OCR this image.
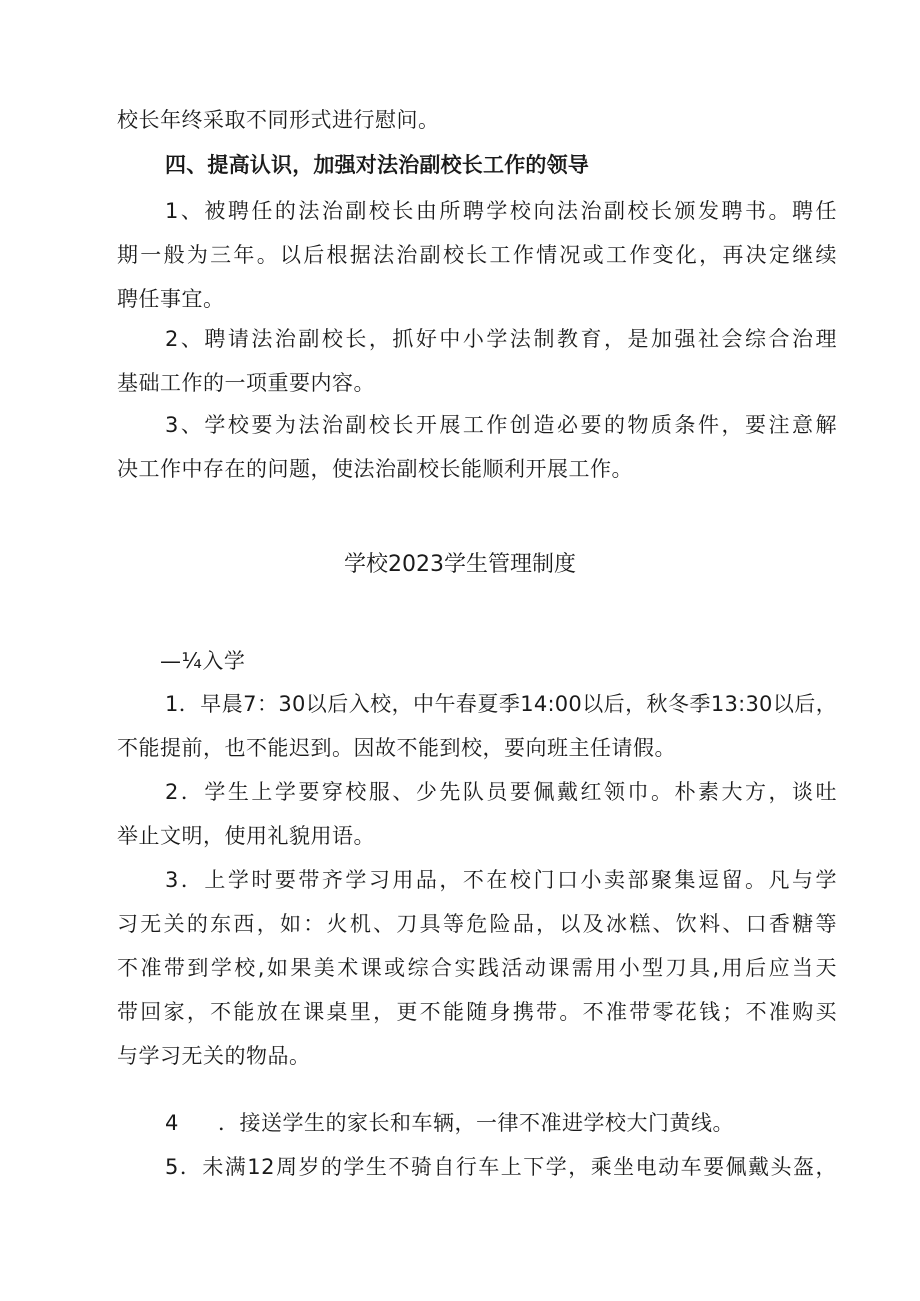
校长年终采取不同形式进行慰问。
四、提高认识，加强对法治副校长工作的领导
1、被聘任的法治副校长由所聘学校向法治副校长颁发聘书。聘任
期一般为三年。以后根据法治副校长工作情况或工作变化，再决定继续
聘任事宜。
2、聘请法治副校长，抓好中小学法制教育，是加强社会综合治理
基础工作的一项重要内容。
3、学校要为法治副校长开展工作创造必要的物质条件，要注意解
决工作中存在的问题，使法治副校长能顺利开展工作。
学校2023学生管理制度
—¼入学
1．早晨7：30以后入校，中午春夏季14:00以后，秋冬季13:30以后，
不能提前，也不能迟到。因故不能到校，要向班主任请假。
2．学生上学要穿校服、少先队员要佩戴红领巾。朴素大方，谈吐
举止文明，使用礼貌用语。
3．上学时要带齐学习用品，不在校门口小卖部聚集逗留。凡与学
习无关的东西，如：火机、刀具等危险品，以及冰糕、饮料、口香糖等
不准带到学校,如果美术课或综合实践活动课需用小型刀具,用后应当天
带回家，不能放在课桌里，更不能随身携带。不准带零花钱；不准购买
与学习无关的物品。
4 ．接送学生的家长和车辆，一律不准进学校大门黄线。
5．未满12周岁的学生不骑自行车上下学，乘坐电动车要佩戴头盔，
